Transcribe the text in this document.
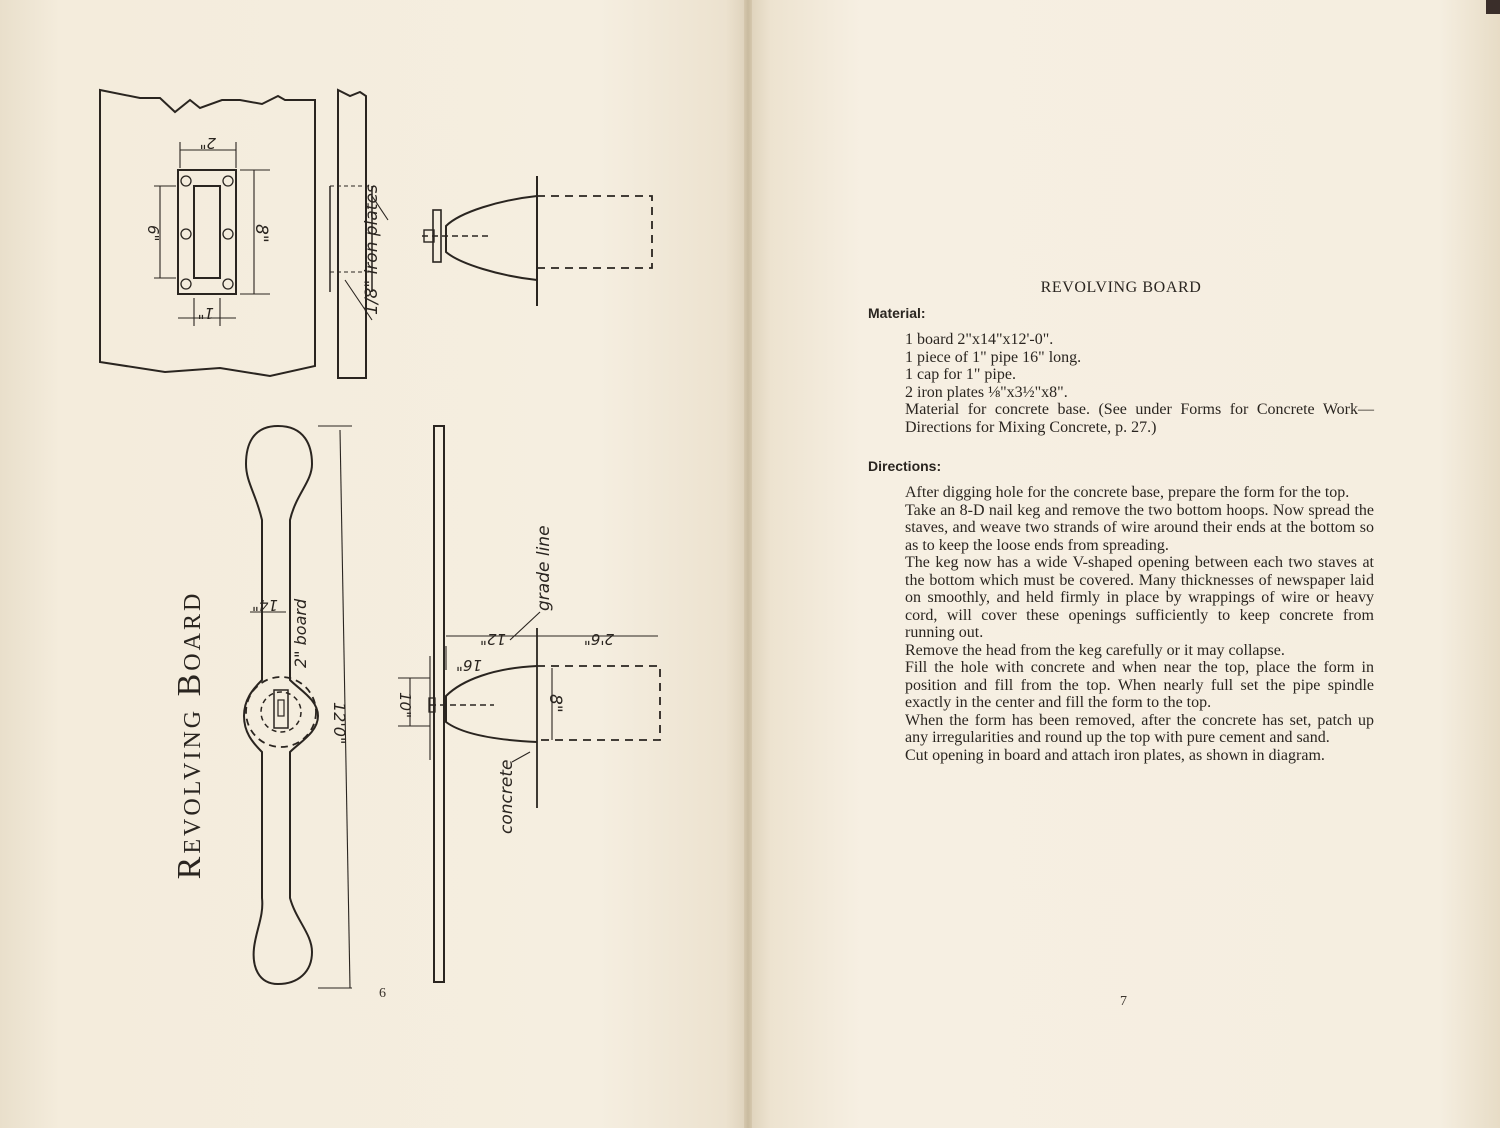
2"
6"	8"
1"	1/8" iron plates
14" 2" board
12'0"
grade line
2'6"
12"
16"
8"
10"
concrete
Revolving Board
6
REVOLVING BOARD
Material:
1 board 2"x14"x12'-0".
1 piece of 1" pipe 16" long.
1 cap for 1" pipe.
2 iron plates ⅛"x3½"x8".
Material for concrete base. (See under Forms for Concrete Work—Directions for Mixing Concrete, p. 27.)
Directions:

After digging hole for the concrete base, prepare the form for the top.

Take an 8-D nail keg and remove the two bottom hoops. Now spread the staves, and weave two strands of wire around their ends at the bottom so as to keep the loose ends from spreading.

The keg now has a wide V-shaped opening between each two staves at the bottom which must be covered. Many thicknesses of newspaper laid on smoothly, and held firmly in place by wrappings of wire or heavy cord, will cover these openings sufficiently to keep concrete from running out.

Remove the head from the keg carefully or it may collapse.

Fill the hole with concrete and when near the top, place the form in position and fill from the top. When nearly full set the pipe spindle exactly in the center and fill the form to the top.

When the form has been removed, after the concrete has set, patch up any irregularities and round up the top with pure cement and sand.

Cut opening in board and attach iron plates, as shown in diagram.

7
